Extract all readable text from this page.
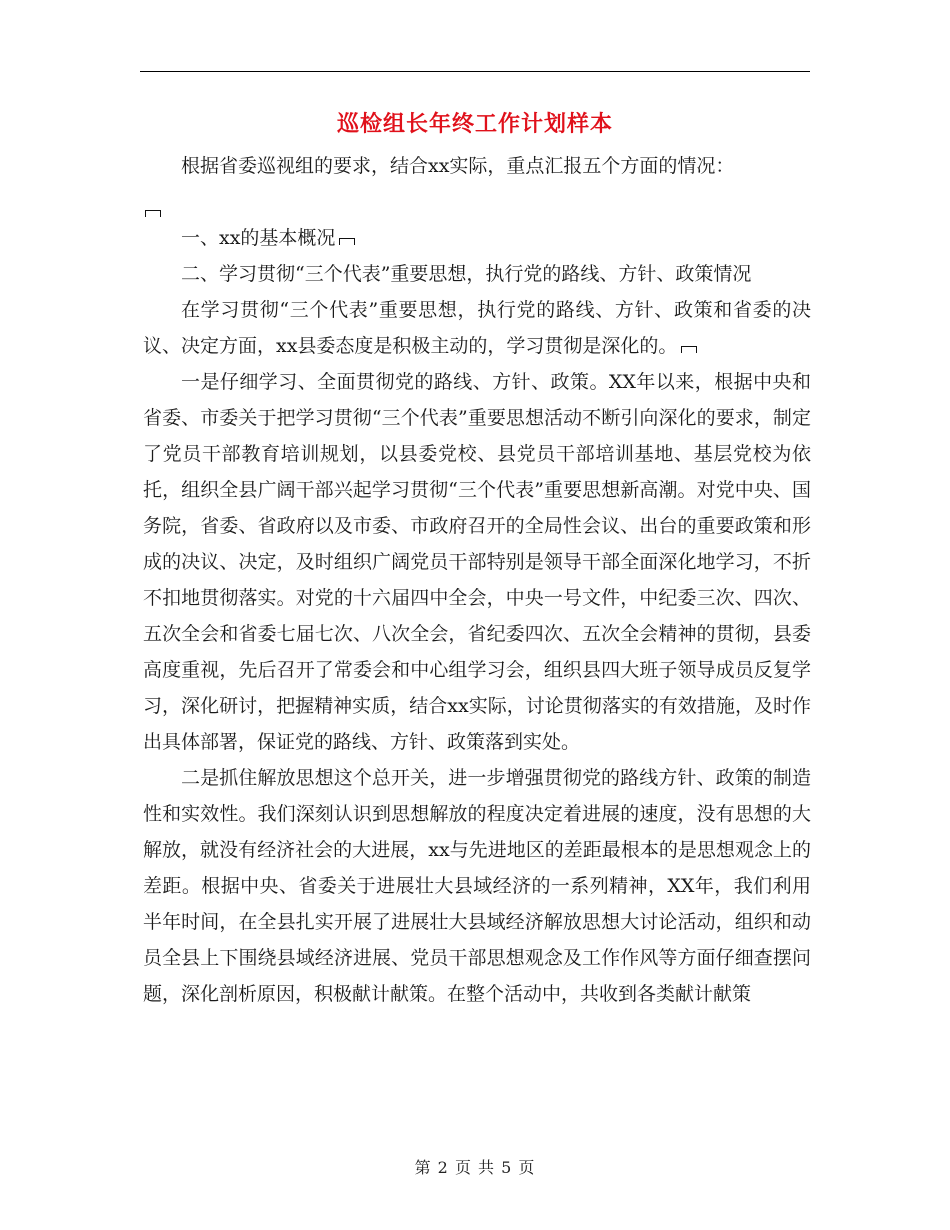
巡检组长年终工作计划样本

根据省委巡视组的要求，结合xx实际，重点汇报五个方面的情况：

一、xx的基本概况

二、学习贯彻“三个代表”重要思想，执行党的路线、方针、政策情况

在学习贯彻“三个代表”重要思想，执行党的路线、方针、政策和省委的决议、决定方面，xx县委态度是积极主动的，学习贯彻是深化的。

一是仔细学习、全面贯彻党的路线、方针、政策。XX年以来，根据中央和省委、市委关于把学习贯彻“三个代表”重要思想活动不断引向深化的要求，制定了党员干部教育培训规划，以县委党校、县党员干部培训基地、基层党校为依托，组织全县广阔干部兴起学习贯彻“三个代表”重要思想新高潮。对党中央、国务院，省委、省政府以及市委、市政府召开的全局性会议、出台的重要政策和形成的决议、决定，及时组织广阔党员干部特别是领导干部全面深化地学习，不折不扣地贯彻落实。对党的十六届四中全会，中央一号文件，中纪委三次、四次、五次全会和省委七届七次、八次全会，省纪委四次、五次全会精神的贯彻，县委高度重视，先后召开了常委会和中心组学习会，组织县四大班子领导成员反复学习，深化研讨，把握精神实质，结合xx实际，讨论贯彻落实的有效措施，及时作出具体部署，保证党的路线、方针、政策落到实处。

二是抓住解放思想这个总开关，进一步增强贯彻党的路线方针、政策的制造性和实效性。我们深刻认识到思想解放的程度决定着进展的速度，没有思想的大解放，就没有经济社会的大进展，xx与先进地区的差距最根本的是思想观念上的差距。根据中央、省委关于进展壮大县域经济的一系列精神，XX年，我们利用半年时间，在全县扎实开展了进展壮大县域经济解放思想大讨论活动，组织和动员全县上下围绕县域经济进展、党员干部思想观念及工作作风等方面仔细查摆问题，深化剖析原因，积极献计献策。在整个活动中，共收到各类献计献策

第 2 页 共 5 页
